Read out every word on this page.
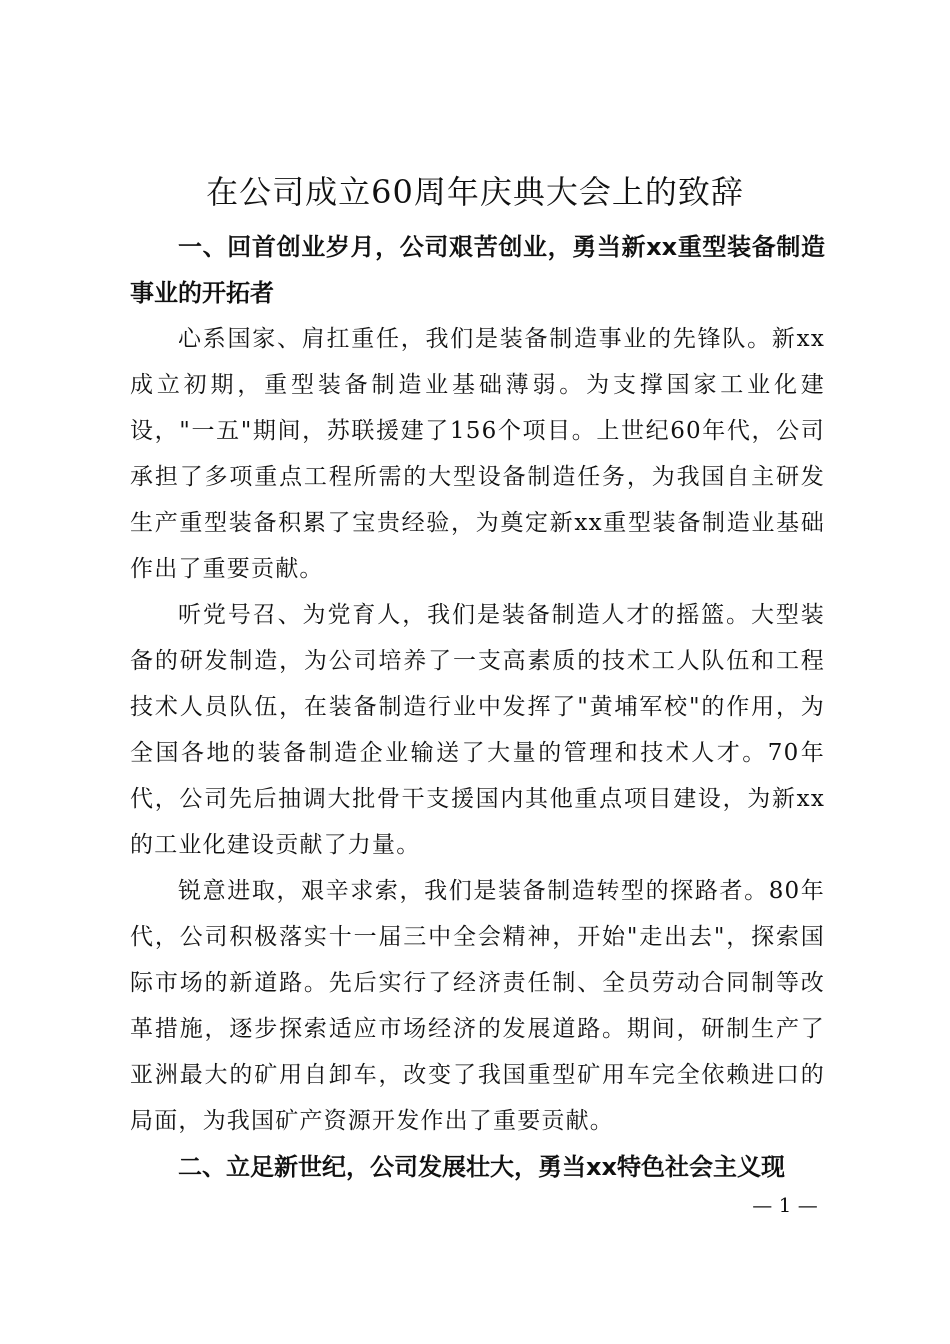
在公司成立60周年庆典大会上的致辞

一、回首创业岁月，公司艰苦创业，勇当新xx重型装备制造事业的开拓者

心系国家、肩扛重任，我们是装备制造事业的先锋队。新xx成立初期，重型装备制造业基础薄弱。为支撑国家工业化建设，"一五"期间，苏联援建了156个项目。上世纪60年代，公司承担了多项重点工程所需的大型设备制造任务，为我国自主研发生产重型装备积累了宝贵经验，为奠定新xx重型装备制造业基础作出了重要贡献。

听党号召、为党育人，我们是装备制造人才的摇篮。大型装备的研发制造，为公司培养了一支高素质的技术工人队伍和工程技术人员队伍，在装备制造行业中发挥了"黄埔军校"的作用，为全国各地的装备制造企业输送了大量的管理和技术人才。70年代，公司先后抽调大批骨干支援国内其他重点项目建设，为新xx的工业化建设贡献了力量。

锐意进取，艰辛求索，我们是装备制造转型的探路者。80年代，公司积极落实十一届三中全会精神，开始"走出去"，探索国际市场的新道路。先后实行了经济责任制、全员劳动合同制等改革措施，逐步探索适应市场经济的发展道路。期间，研制生产了亚洲最大的矿用自卸车，改变了我国重型矿用车完全依赖进口的局面，为我国矿产资源开发作出了重要贡献。

二、立足新世纪，公司发展壮大，勇当xx特色社会主义现

— 1 —
